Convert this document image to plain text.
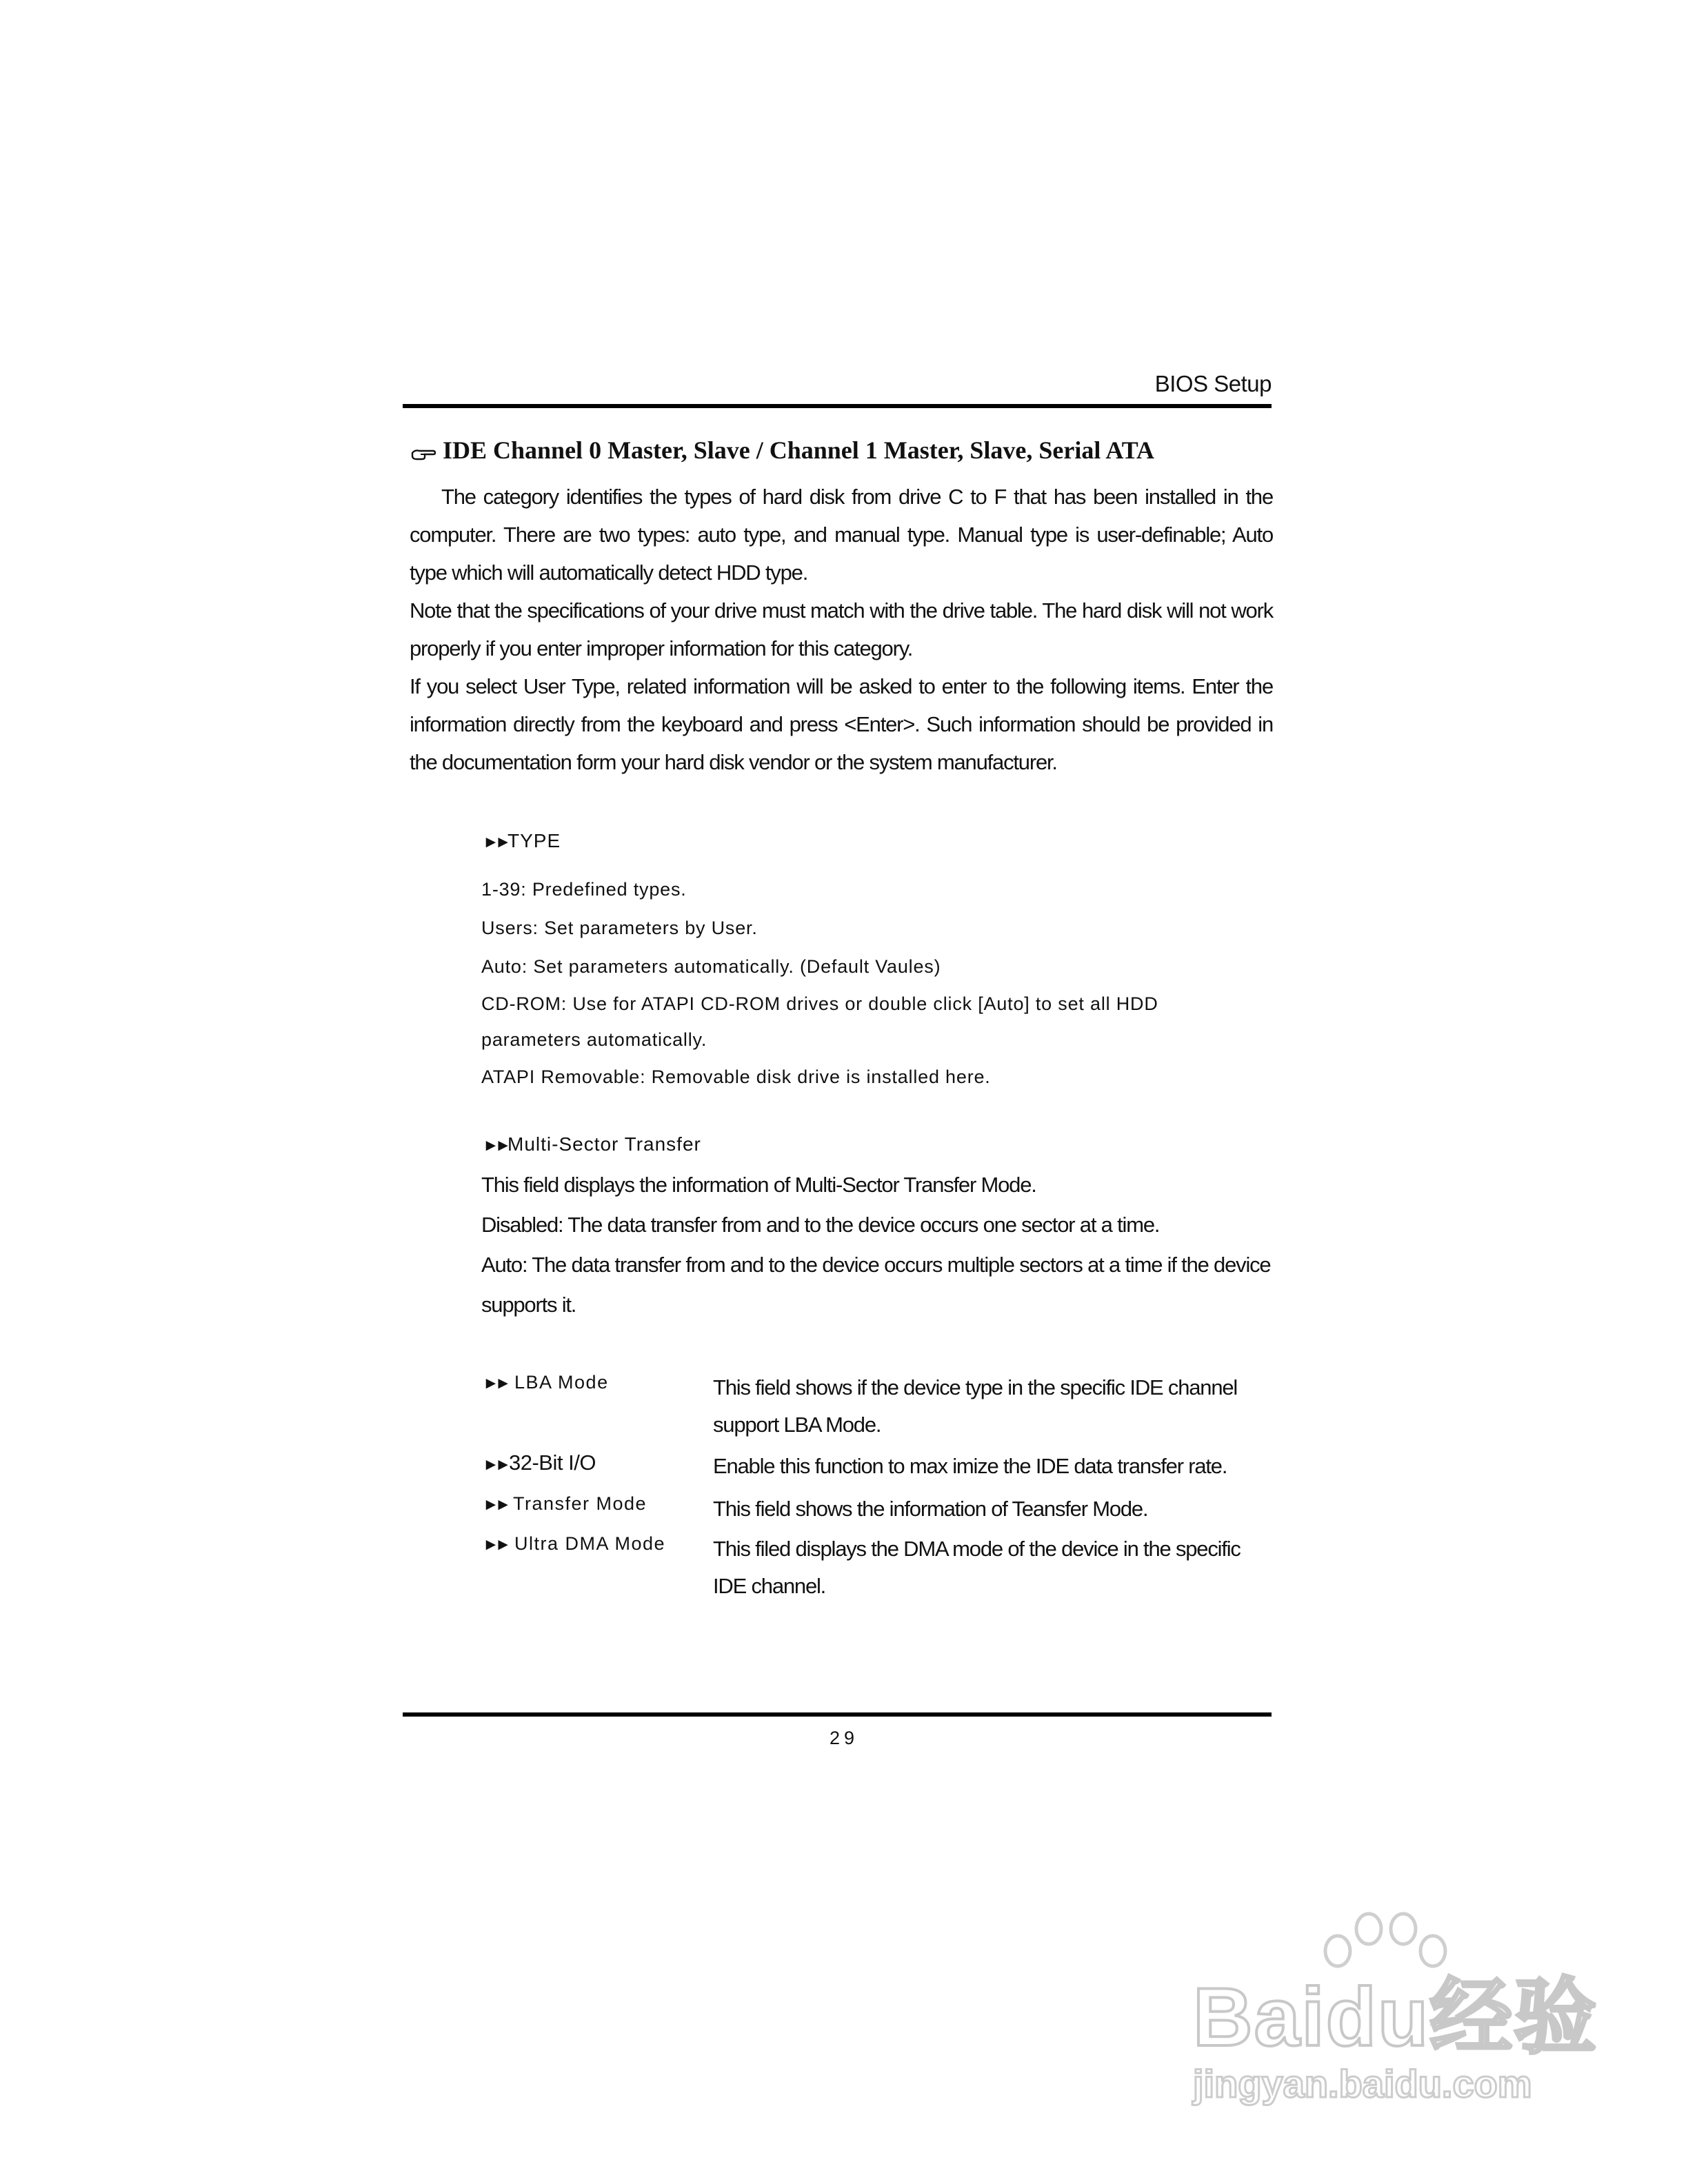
BIOS Setup
IDE Channel 0 Master, Slave / Channel 1 Master, Slave, Serial ATA

The category identifies the types of hard disk from drive C to F that has been installed in the computer. There are two types: auto type, and manual type. Manual type is user-definable; Auto type which will automatically detect HDD type.

Note that the specifications of your drive must match with the drive table. The hard disk will not work properly if you enter improper information for this category.

If you select User Type, related information will be asked to enter to the following items. Enter the information directly from the keyboard and press <Enter>. Such information should be provided in the documentation form your hard disk vendor or the system manufacturer.

►►TYPE

1-39: Predefined types.

Users: Set parameters by User.

Auto: Set parameters automatically. (Default Vaules)

CD-ROM: Use for ATAPI CD-ROM drives or double click [Auto] to set all HDD parameters automatically.

ATAPI Removable: Removable disk drive is installed here.

►►Multi-Sector Transfer

This field displays the information of Multi-Sector Transfer Mode.

Disabled: The data transfer from and to the device occurs one sector at a time.

Auto: The data transfer from and to the device occurs multiple sectors at a time if the device supports it.

►► LBA Mode	This field shows if the device type in the specific IDE channel support LBA Mode.
►►32-Bit I/O	Enable this function to max imize the IDE data transfer rate.
►► Transfer Mode	This field shows the information of Teansfer Mode.
►► Ultra DMA Mode This filed displays the DMA mode of the device in the specific IDE channel.
29
Baidu经验
jingyan.baidu.com
